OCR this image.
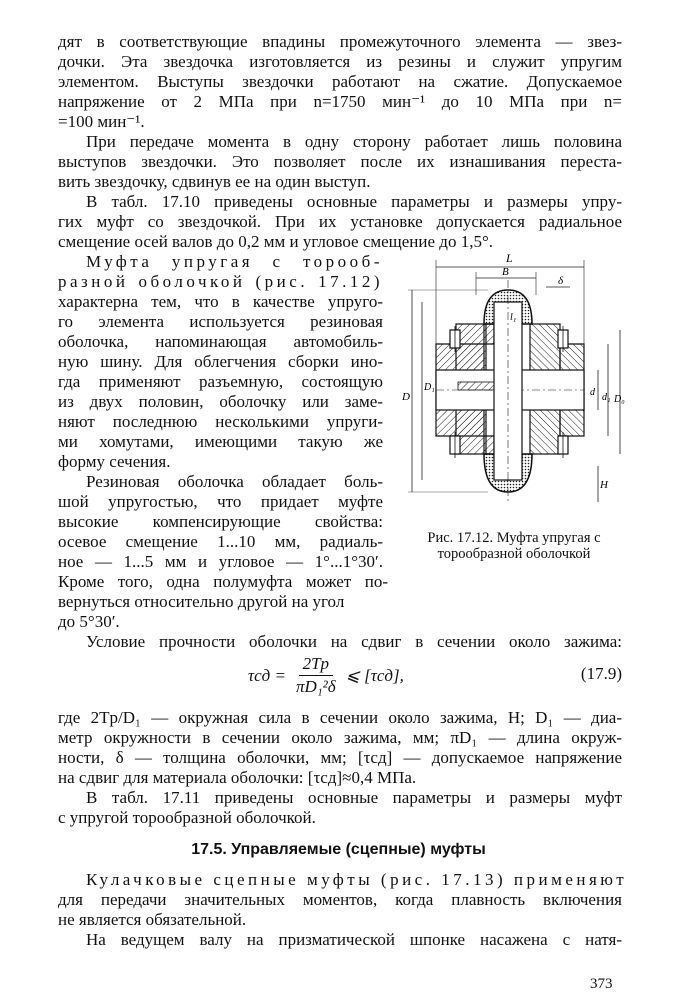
дят в соответствующие впадины промежуточного элемента — звез-
дочки. Эта звездочка изготовляется из резины и служит упругим
элементом. Выступы звездочки работают на сжатие. Допускаемое
напряжение от 2 МПа при n=1750 мин⁻¹ до 10 МПа при n=
=100 мин⁻¹.
При передаче момента в одну сторону работает лишь половина
выступов звездочки. Это позволяет после их изнашивания переста-
вить звездочку, сдвинув ее на один выступ.
В табл. 17.10 приведены основные параметры и размеры упру-
гих муфт со звездочкой. При их установке допускается радиальное
смещение осей валов до 0,2 мм и угловое смещение до 1,5°.
Муфта упругая с тороoб-
разной оболочкой (рис. 17.12)
характерна тем, что в качестве упруго-
го элемента используется резиновая
оболочка, напоминающая автомобиль-
ную шину. Для облегчения сборки ино-
гда применяют разъемную, состоящую
из двух половин, оболочку или заме-
няют последнюю несколькими упруги-
ми хомутами, имеющими такую же
форму сечения.
Резиновая оболочка обладает боль-
шой упругостью, что придает муфте
высокие компенсирующие свойства:
осевое смещение 1...10 мм, радиаль-
ное — 1...5 мм и угловое — 1°...1°30′.
Кроме того, одна полумуфта может по-
L
B
δ
D
D₁	d d₁ D₀
l₁
H
Рис. 17.12. Муфта упругая с
торообразной оболочкой
вернуться относительно другой на угол
до 5°30′.
Условие прочности оболочки на сдвиг в сечении около зажима:
$\tau сд = \frac{2Tр}{\text{πD₁²δ}}$ ⩽ [τсд],	(17.9)
где 2Tр/D₁ — окружная сила в сечении около зажима, Н; D₁ — диа-
метр окружности в сечении около зажима, мм; πD₁ — длина окруж-
ности, δ — толщина оболочки, мм; [τсд] — допускаемое напряжение
на сдвиг для материала оболочки: [τсд]≈0,4 МПа.
В табл. 17.11 приведены основные параметры и размеры муфт
с упругой торообразной оболочкой.
17.5. Управляемые (сцепные) муфты
Кулачковые сцепные муфты (рис. 17.13) применяют
для передачи значительных моментов, когда плавность включения
не является обязательной.
На ведущем валу на призматической шпонке насажена с натя-
373
